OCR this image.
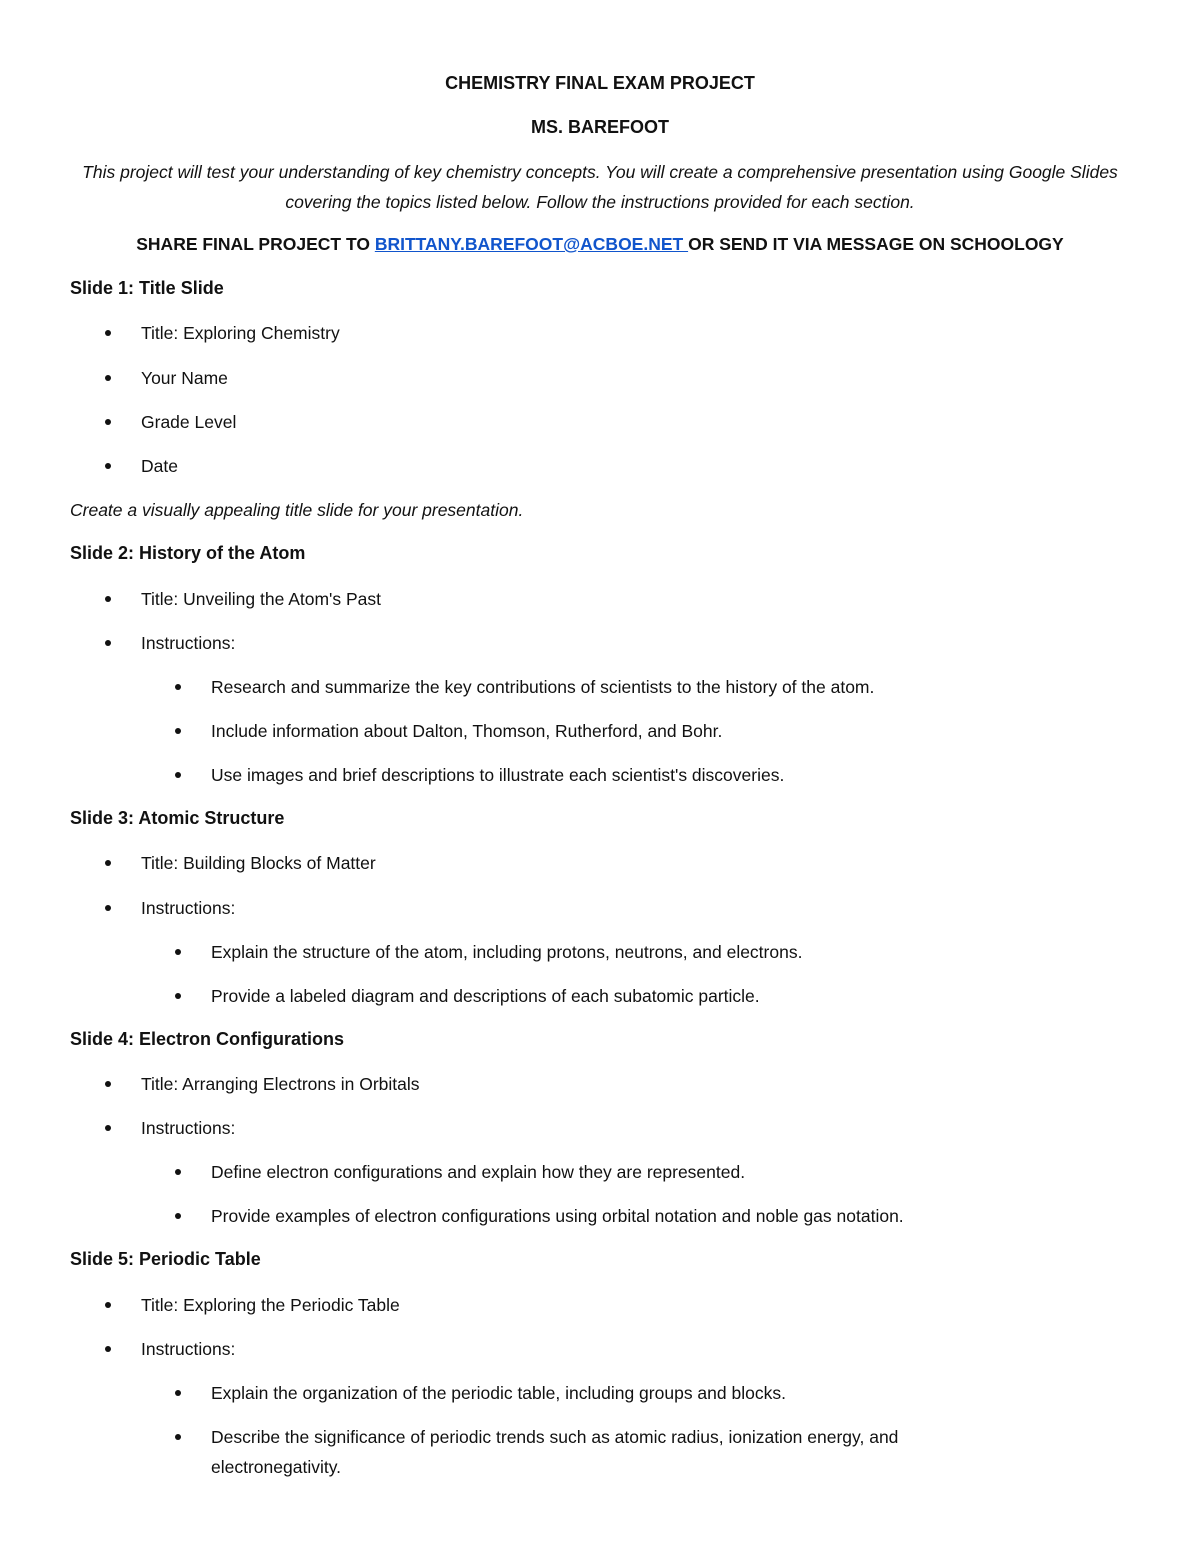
CHEMISTRY FINAL EXAM PROJECT
MS. BAREFOOT
This project will test your understanding of key chemistry concepts. You will create a comprehensive presentation using Google Slides covering the topics listed below. Follow the instructions provided for each section.
SHARE FINAL PROJECT TO BRITTANY.BAREFOOT@ACBOE.NET OR SEND IT VIA MESSAGE ON SCHOOLOGY
Slide 1: Title Slide
Title: Exploring Chemistry
Your Name
Grade Level
Date
Create a visually appealing title slide for your presentation.
Slide 2: History of the Atom
Title: Unveiling the Atom's Past
Instructions:
Research and summarize the key contributions of scientists to the history of the atom.
Include information about Dalton, Thomson, Rutherford, and Bohr.
Use images and brief descriptions to illustrate each scientist's discoveries.
Slide 3: Atomic Structure
Title: Building Blocks of Matter
Instructions:
Explain the structure of the atom, including protons, neutrons, and electrons.
Provide a labeled diagram and descriptions of each subatomic particle.
Slide 4: Electron Configurations
Title: Arranging Electrons in Orbitals
Instructions:
Define electron configurations and explain how they are represented.
Provide examples of electron configurations using orbital notation and noble gas notation.
Slide 5: Periodic Table
Title: Exploring the Periodic Table
Instructions:
Explain the organization of the periodic table, including groups and blocks.
Describe the significance of periodic trends such as atomic radius, ionization energy, and electronegativity.
